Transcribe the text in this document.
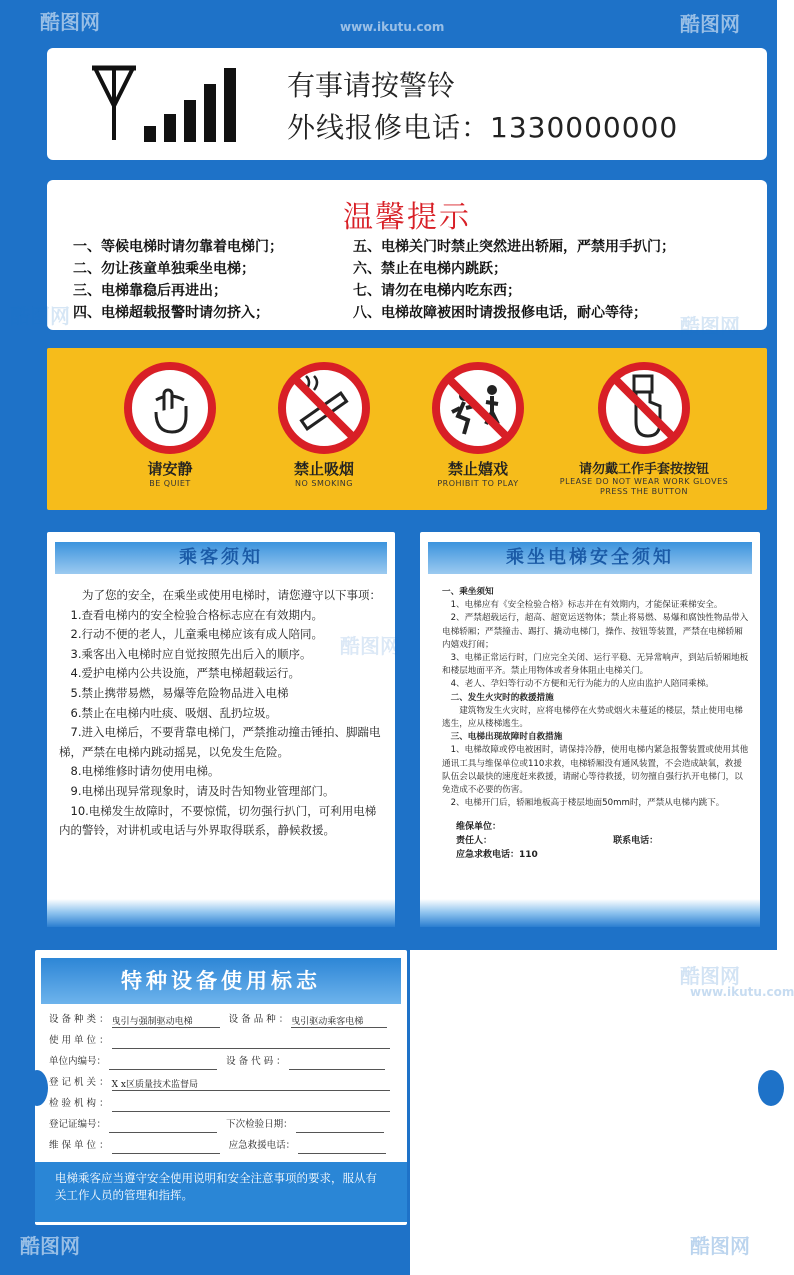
有事请按警铃
外线报修电话：1330000000
温馨提示
一、等候电梯时请勿靠着电梯门；
二、勿让孩童单独乘坐电梯；
三、电梯靠稳后再进出；
四、电梯超载报警时请勿挤入；
五、电梯关门时禁止突然进出轿厢，严禁用手扒门；
六、禁止在电梯内跳跃；
七、请勿在电梯内吃东西；
八、电梯故障被困时请拨报修电话，耐心等待；
请安静
BE QUIET
禁止吸烟
NO SMOKING
禁止嬉戏
PROHIBIT TO PLAY
请勿戴工作手套按按钮
PLEASE DO NOT WEAR WORK GLOVES PRESS THE BUTTON
乘客须知

为了您的安全，在乘坐或使用电梯时，请您遵守以下事项：

1.查看电梯内的安全检验合格标志应在有效期内。

2.行动不便的老人，儿童乘电梯应该有成人陪同。

3.乘客出入电梯时应自觉按照先出后入的顺序。

4.爱护电梯内公共设施，严禁电梯超载运行。

5.禁止携带易燃，易爆等危险物品进入电梯

6.禁止在电梯内吐痰、吸烟、乱扔垃圾。

7.进入电梯后，不要背靠电梯门，严禁推动撞击锤拍、脚踹电梯，严禁在电梯内跳动摇晃，以免发生危险。

8.电梯维修时请勿使用电梯。

9.电梯出现异常现象时，请及时告知物业管理部门。

10.电梯发生故障时，不要惊慌，切勿强行扒门，可利用电梯内的警铃，对讲机或电话与外界取得联系，静候救援。

乘坐电梯安全须知

一、乘坐须知

1、电梯应有《安全检验合格》标志并在有效期内，才能保证乘梯安全。

2、严禁超载运行，超高、超宽运送物体；禁止将易燃、易爆和腐蚀性物品带入电梯轿厢；严禁撞击、踢打、撬动电梯门，操作、按钮等装置，严禁在电梯轿厢内嬉戏打闹；

3、电梯正常运行时，门应完全关闭、运行平稳、无异常响声，到站后轿厢地板和楼层地面平齐。禁止用物体或者身体阻止电梯关门。

4、老人、孕妇等行动不方便和无行为能力的人应由监护人陪同乘梯。

二、发生火灾时的救援措施

建筑物发生火灾时，应将电梯停在火势或烟火未蔓延的楼层，禁止使用电梯逃生，应从楼梯逃生。

三、电梯出现故障时自救措施

1、电梯故障或停电被困时，请保持冷静，使用电梯内紧急报警装置或使用其他通讯工具与维保单位或110求救，电梯轿厢没有通风装置，不会造成缺氧，救援队伍会以最快的速度赶来救援，请耐心等待救援，切勿擅自强行扒开电梯门，以免造成不必要的伤害。

2、电梯开门后，轿厢地板高于楼层地面50mm时，严禁从电梯内跳下。

维保单位：
责任人：	联系电话：
应急求救电话：110
特种设备使用标志
设 备 种 类 ： 曳引与强制驱动电梯	设 备 品 种 ： 曳引驱动乘客电梯
使 用 单 位 ：
单位内编号：	设 备 代 码 ：
登 记 机 关 ： X x区质量技术监督局
检 验 机 构 ：
登记证编号：	下次检验日期：
维 保 单 位 ：	应急救援电话：
电梯乘客应当遵守安全使用说明和安全注意事项的要求，服从有关工作人员的管理和指挥。
酷图网	www.ikutu.com	酷图网
酷图网	酷图网
酷图网
酷图网
www.ikutu.com
酷图网	酷图网
